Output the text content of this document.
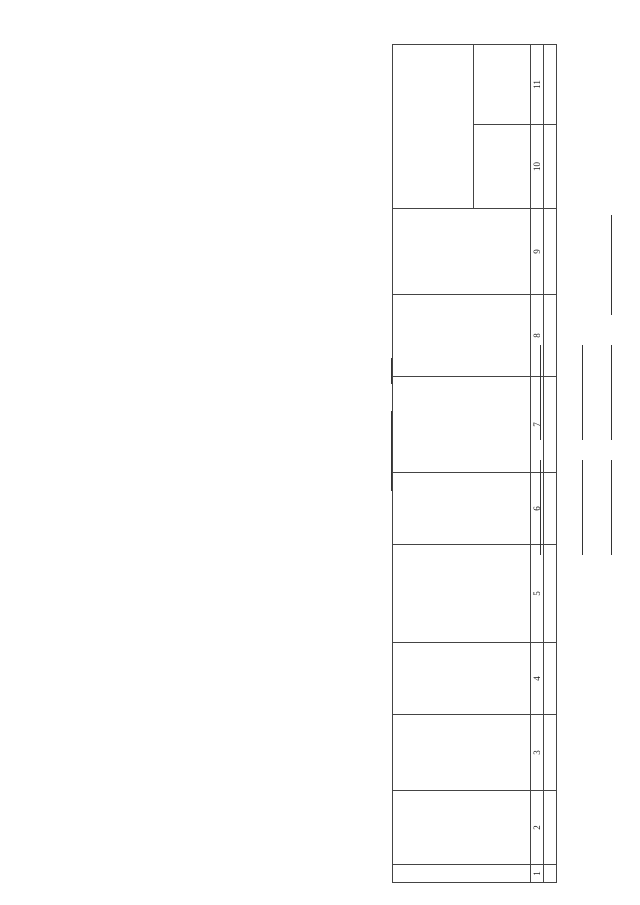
1	2	3	4	5	6	7	8	9	10	11
